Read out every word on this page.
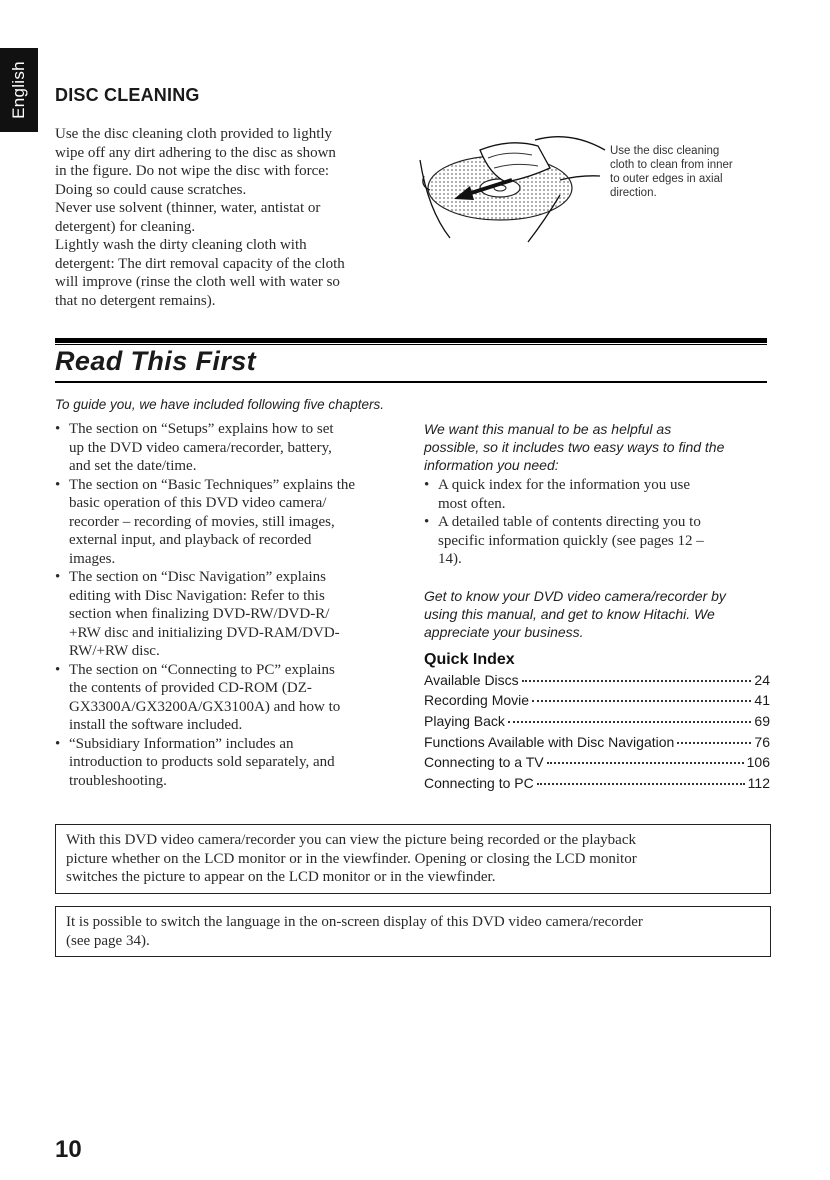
English DISC CLEANING

Use the disc cleaning cloth provided to lightly

wipe off any dirt adhering to the disc as shown

in the figure. Do not wipe the disc with force:

Doing so could cause scratches.

Never use solvent (thinner, water, antistat or

detergent) for cleaning.

Lightly wash the dirty cleaning cloth with

detergent: The dirt removal capacity of the cloth

will improve (rinse the cloth well with water so

that no detergent remains).

Use the disc cleaning
cloth to clean from inner
to outer edges in axial
direction.
Read This First
To guide you, we have included following five chapters.
• The section on “Setups” explains how to set
up the DVD video camera/recorder, battery,
and set the date/time.
• The section on “Basic Techniques” explains the
basic operation of this DVD video camera/
recorder – recording of movies, still images,
external input, and playback of recorded
images.
• The section on “Disc Navigation” explains
editing with Disc Navigation: Refer to this
section when finalizing DVD-RW/DVD-R/
+RW disc and initializing DVD-RAM/DVD-
RW/+RW disc.
• The section on “Connecting to PC” explains
the contents of provided CD-ROM (DZ-
GX3300A/GX3200A/GX3100A) and how to
install the software included.
• “Subsidiary Information” includes an
introduction to products sold separately, and
troubleshooting.
We want this manual to be as helpful as
possible, so it includes two easy ways to find the
information you need:
• A quick index for the information you use
most often.
• A detailed table of contents directing you to
specific information quickly (see pages 12 –
14).
Get to know your DVD video camera/recorder by
using this manual, and get to know Hitachi. We
appreciate your business.
Quick Index
Available Discs	24
Recording Movie	41
Playing Back	69
Functions Available with Disc Navigation	76
Connecting to a TV	106
Connecting to PC	112
With this DVD video camera/recorder you can view the picture being recorded or the playback
picture whether on the LCD monitor or in the viewfinder. Opening or closing the LCD monitor
switches the picture to appear on the LCD monitor or in the viewfinder.
It is possible to switch the language in the on-screen display of this DVD video camera/recorder
(see page 34).
10
